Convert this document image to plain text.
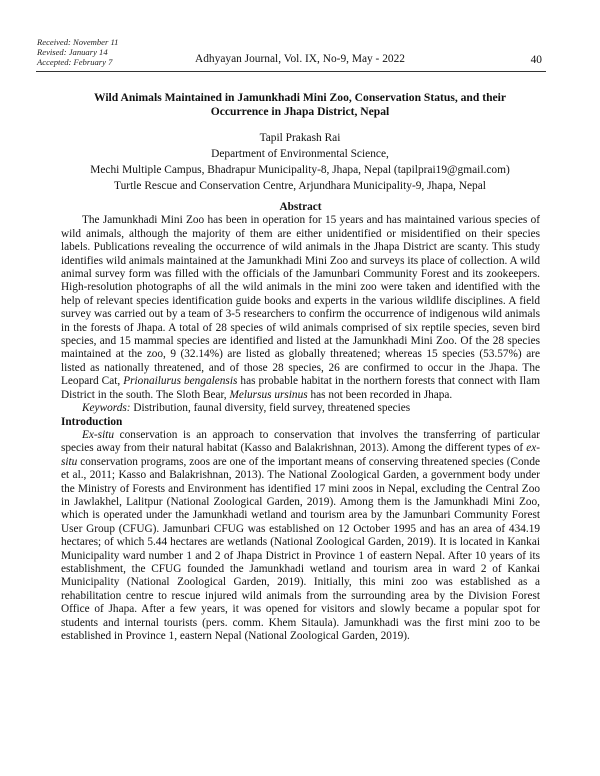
Received: November 11
Revised: January 14
Accepted: February 7	Adhyayan Journal, Vol. IX, No-9, May - 2022	40
Wild Animals Maintained in Jamunkhadi Mini Zoo, Conservation Status, and their
Occurrence in Jhapa District, Nepal
Tapil Prakash Rai
Department of Environmental Science,
Mechi Multiple Campus, Bhadrapur Municipality-8, Jhapa, Nepal (tapilprai19@gmail.com)
Turtle Rescue and Conservation Centre, Arjundhara Municipality-9, Jhapa, Nepal

Abstract

The Jamunkhadi Mini Zoo has been in operation for 15 years and has maintained various species of wild animals, although the majority of them are either unidentified or misidentified on their species labels. Publications revealing the occurrence of wild animals in the Jhapa District are scanty. This study identifies wild animals maintained at the Jamunkhadi Mini Zoo and surveys its place of collection. A wild animal survey form was filled with the officials of the Jamunbari Community Forest and its zookeepers. High-resolution photographs of all the wild animals in the mini zoo were taken and identified with the help of relevant species identification guide books and experts in the various wildlife disciplines. A field survey was carried out by a team of 3-5 researchers to confirm the occurrence of indigenous wild animals in the forests of Jhapa. A total of 28 species of wild animals comprised of six reptile species, seven bird species, and 15 mammal species are identified and listed at the Jamunkhadi Mini Zoo. Of the 28 species maintained at the zoo, 9 (32.14%) are listed as globally threatened; whereas 15 species (53.57%) are listed as nationally threatened, and of those 28 species, 26 are confirmed to occur in the Jhapa. The Leopard Cat, Prionailurus bengalensis has probable habitat in the northern forests that connect with Ilam District in the south. The Sloth Bear, Melursus ursinus has not been recorded in Jhapa.

Keywords: Distribution, faunal diversity, field survey, threatened species

Introduction

Ex-situ conservation is an approach to conservation that involves the transferring of particular species away from their natural habitat (Kasso and Balakrishnan, 2013). Among the different types of ex-situ conservation programs, zoos are one of the important means of conserving threatened species (Conde et al., 2011; Kasso and Balakrishnan, 2013). The National Zoological Garden, a government body under the Ministry of Forests and Environment has identified 17 mini zoos in Nepal, excluding the Central Zoo in Jawlakhel, Lalitpur (National Zoological Garden, 2019). Among them is the Jamunkhadi Mini Zoo, which is operated under the Jamunkhadi wetland and tourism area by the Jamunbari Community Forest User Group (CFUG). Jamunbari CFUG was established on 12 October 1995 and has an area of 434.19 hectares; of which 5.44 hectares are wetlands (National Zoological Garden, 2019). It is located in Kankai Municipality ward number 1 and 2 of Jhapa District in Province 1 of eastern Nepal. After 10 years of its establishment, the CFUG founded the Jamunkhadi wetland and tourism area in ward 2 of Kankai Municipality (National Zoological Garden, 2019). Initially, this mini zoo was established as a rehabilitation centre to rescue injured wild animals from the surrounding area by the Division Forest Office of Jhapa. After a few years, it was opened for visitors and slowly became a popular spot for students and internal tourists (pers. comm. Khem Sitaula). Jamunkhadi was the first mini zoo to be established in Province 1, eastern Nepal (National Zoological Garden, 2019).
